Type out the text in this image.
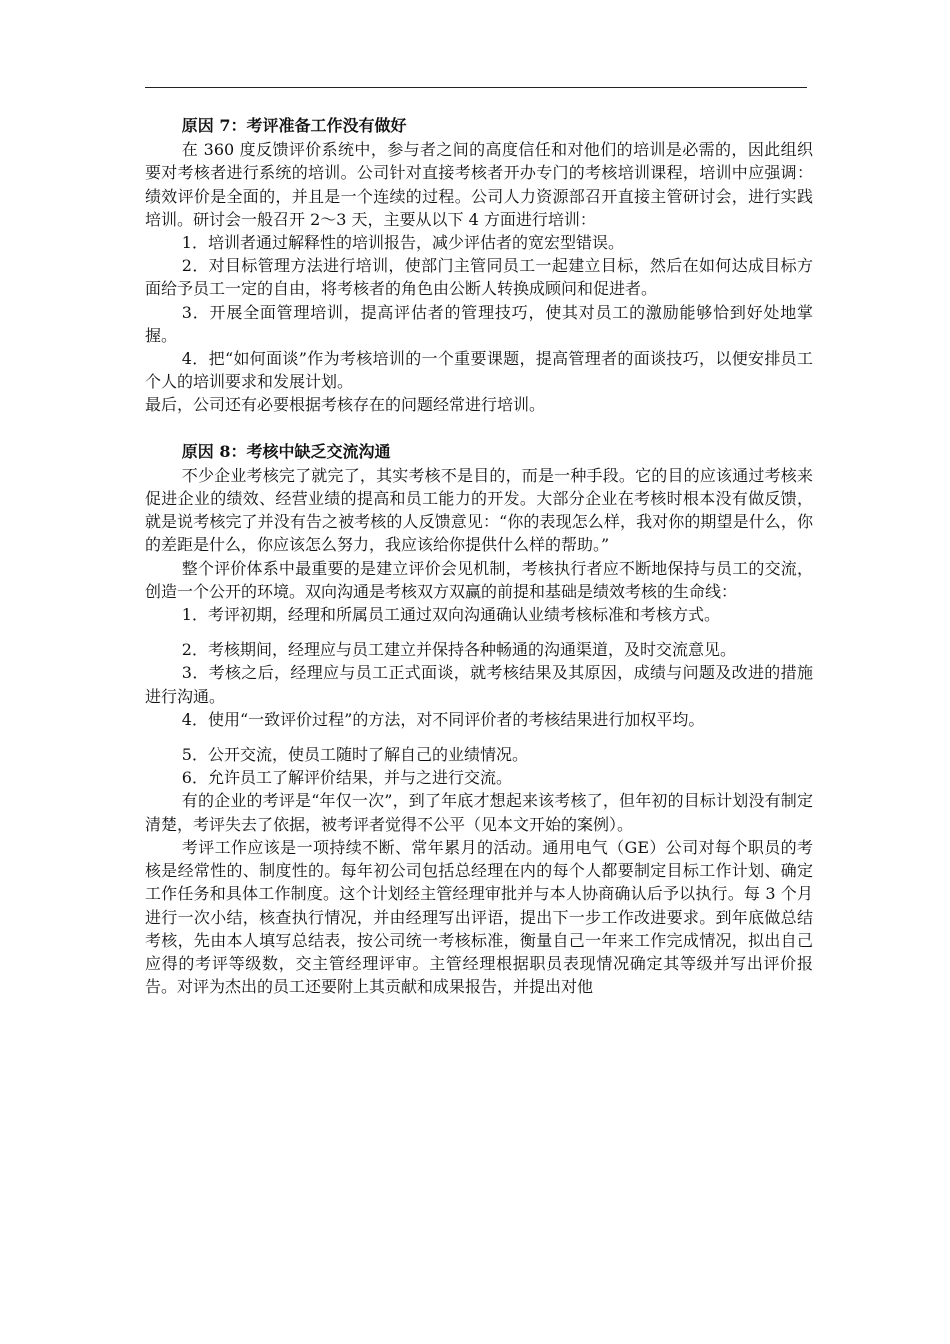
原因 7：考评准备工作没有做好

在 360 度反馈评价系统中，参与者之间的高度信任和对他们的培训是必需的，因此组织要对考核者进行系统的培训。公司针对直接考核者开办专门的考核培训课程，培训中应强调：绩效评价是全面的，并且是一个连续的过程。公司人力资源部召开直接主管研讨会，进行实践培训。研讨会一般召开 2～3 天，主要从以下 4 方面进行培训：

1．培训者通过解释性的培训报告，减少评估者的宽宏型错误。

2．对目标管理方法进行培训，使部门主管同员工一起建立目标，然后在如何达成目标方面给予员工一定的自由，将考核者的角色由公断人转换成顾问和促进者。

3．开展全面管理培训，提高评估者的管理技巧，使其对员工的激励能够恰到好处地掌握。

4．把“如何面谈”作为考核培训的一个重要课题，提高管理者的面谈技巧，以便安排员工个人的培训要求和发展计划。

最后，公司还有必要根据考核存在的问题经常进行培训。

原因 8：考核中缺乏交流沟通

不少企业考核完了就完了，其实考核不是目的，而是一种手段。它的目的应该通过考核来促进企业的绩效、经营业绩的提高和员工能力的开发。大部分企业在考核时根本没有做反馈，就是说考核完了并没有告之被考核的人反馈意见：“你的表现怎么样，我对你的期望是什么，你的差距是什么，你应该怎么努力，我应该给你提供什么样的帮助。”

整个评价体系中最重要的是建立评价会见机制，考核执行者应不断地保持与员工的交流，创造一个公开的环境。双向沟通是考核双方双赢的前提和基础是绩效考核的生命线：

1．考评初期，经理和所属员工通过双向沟通确认业绩考核标准和考核方式。

2．考核期间，经理应与员工建立并保持各种畅通的沟通渠道，及时交流意见。

3．考核之后，经理应与员工正式面谈，就考核结果及其原因，成绩与问题及改进的措施进行沟通。

4．使用“一致评价过程”的方法，对不同评价者的考核结果进行加权平均。

5．公开交流，使员工随时了解自己的业绩情况。

6．允许员工了解评价结果，并与之进行交流。

有的企业的考评是“年仅一次”，到了年底才想起来该考核了，但年初的目标计划没有制定清楚，考评失去了依据，被考评者觉得不公平（见本文开始的案例）。

考评工作应该是一项持续不断、常年累月的活动。通用电气（GE）公司对每个职员的考核是经常性的、制度性的。每年初公司包括总经理在内的每个人都要制定目标工作计划、确定工作任务和具体工作制度。这个计划经主管经理审批并与本人协商确认后予以执行。每 3 个月进行一次小结，核查执行情况，并由经理写出评语，提出下一步工作改进要求。到年底做总结考核，先由本人填写总结表，按公司统一考核标准，衡量自己一年来工作完成情况，拟出自己应得的考评等级数，交主管经理评审。主管经理根据职员表现情况确定其等级并写出评价报告。对评为杰出的员工还要附上其贡献和成果报告，并提出对他
